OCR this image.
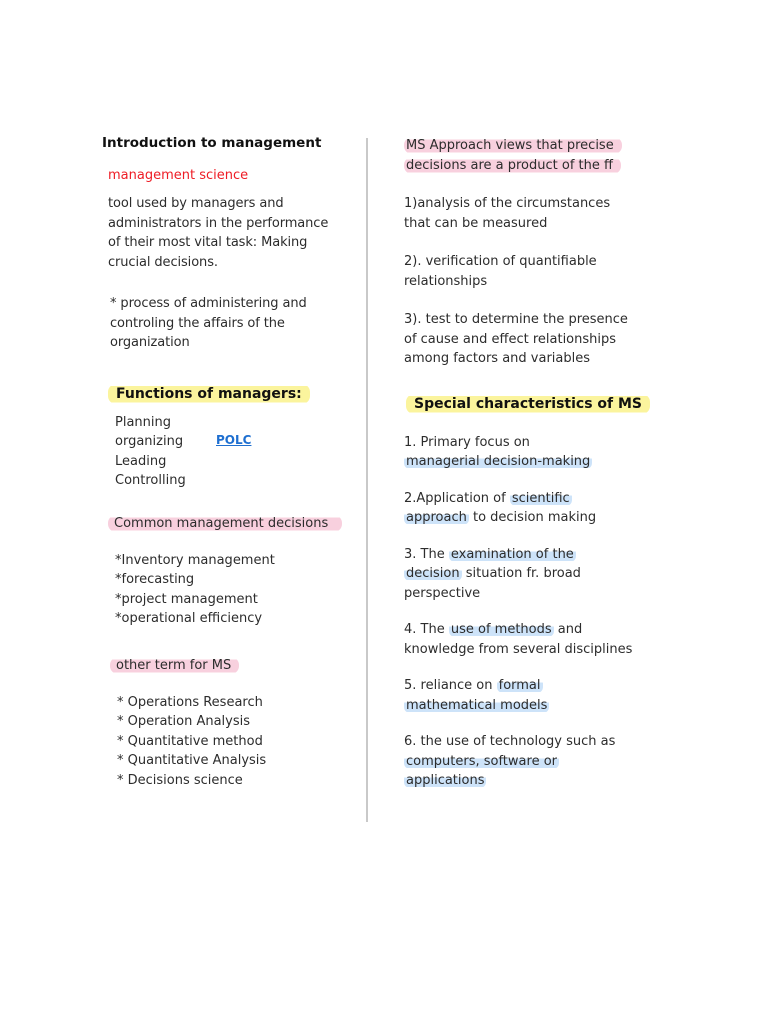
Introduction to management
management science
tool used by managers and administrators in the performance of their most vital task: Making crucial decisions.
* process of administering and controling the affairs of the organization
Functions of managers:
Planning
organizing
Leading
Controlling
POLC
Common management decisions
*Inventory management
*forecasting
*project management
*operational efficiency
other term for MS
* Operations Research
* Operation Analysis
* Quantitative method
* Quantitative Analysis
* Decisions science
MS Approach views that precise decisions are a product of the ff

1)analysis of the circumstances that can be measured

2). verification of quantifiable relationships

3). test to determine the presence of cause and effect relationships among factors and variables

Special characteristics of MS

1. Primary focus on managerial decision-making

2.Application of scientific approach to decision making

3. The examination of the decision situation fr. broad perspective

4. The use of methods and knowledge from several disciplines

5. reliance on formal mathematical models

6. the use of technology such as computers, software or applications
